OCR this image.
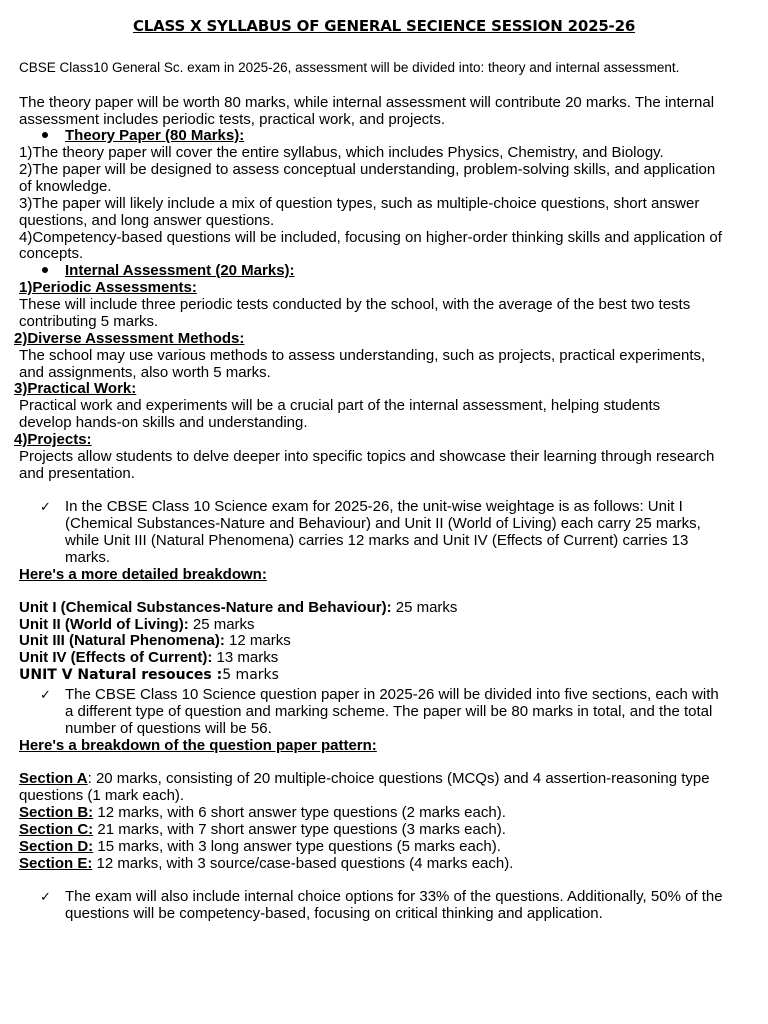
CLASS X SYLLABUS OF GENERAL SECIENCE SESSION 2025-26
CBSE Class10 General Sc. exam in 2025-26, assessment will be divided into: theory and internal assessment.
The theory paper will be worth 80 marks, while internal assessment will contribute 20 marks. The internal
assessment includes periodic tests, practical work, and projects.
Theory Paper (80 Marks):
1)The theory paper will cover the entire syllabus, which includes Physics, Chemistry, and Biology.
2)The paper will be designed to assess conceptual understanding, problem-solving skills, and application
of knowledge.
3)The paper will likely include a mix of question types, such as multiple-choice questions, short answer
questions, and long answer questions.
4)Competency-based questions will be included, focusing on higher-order thinking skills and application of
concepts.
Internal Assessment (20 Marks):
1)Periodic Assessments:
These will include three periodic tests conducted by the school, with the average of the best two tests
contributing 5 marks.
2)Diverse Assessment Methods:
The school may use various methods to assess understanding, such as projects, practical experiments,
and assignments, also worth 5 marks.
3)Practical Work:
Practical work and experiments will be a crucial part of the internal assessment, helping students
develop hands-on skills and understanding.
4)Projects:
Projects allow students to delve deeper into specific topics and showcase their learning through research
and presentation.
✓ In the CBSE Class 10 Science exam for 2025-26, the unit-wise weightage is as follows: Unit I
(Chemical Substances-Nature and Behaviour) and Unit II (World of Living) each carry 25 marks,
while Unit III (Natural Phenomena) carries 12 marks and Unit IV (Effects of Current) carries 13
marks.
Here's a more detailed breakdown:
Unit I (Chemical Substances-Nature and Behaviour): 25 marks
Unit II (World of Living): 25 marks
Unit III (Natural Phenomena): 12 marks
Unit IV (Effects of Current): 13 marks
UNIT V Natural resouces :5 marks
✓ The CBSE Class 10 Science question paper in 2025-26 will be divided into five sections, each with
a different type of question and marking scheme. The paper will be 80 marks in total, and the total
number of questions will be 56.
Here's a breakdown of the question paper pattern:
Section A: 20 marks, consisting of 20 multiple-choice questions (MCQs) and 4 assertion-reasoning type
questions (1 mark each).
Section B: 12 marks, with 6 short answer type questions (2 marks each).
Section C: 21 marks, with 7 short answer type questions (3 marks each).
Section D: 15 marks, with 3 long answer type questions (5 marks each).
Section E: 12 marks, with 3 source/case-based questions (4 marks each).
✓ The exam will also include internal choice options for 33% of the questions. Additionally, 50% of the
questions will be competency-based, focusing on critical thinking and application.
